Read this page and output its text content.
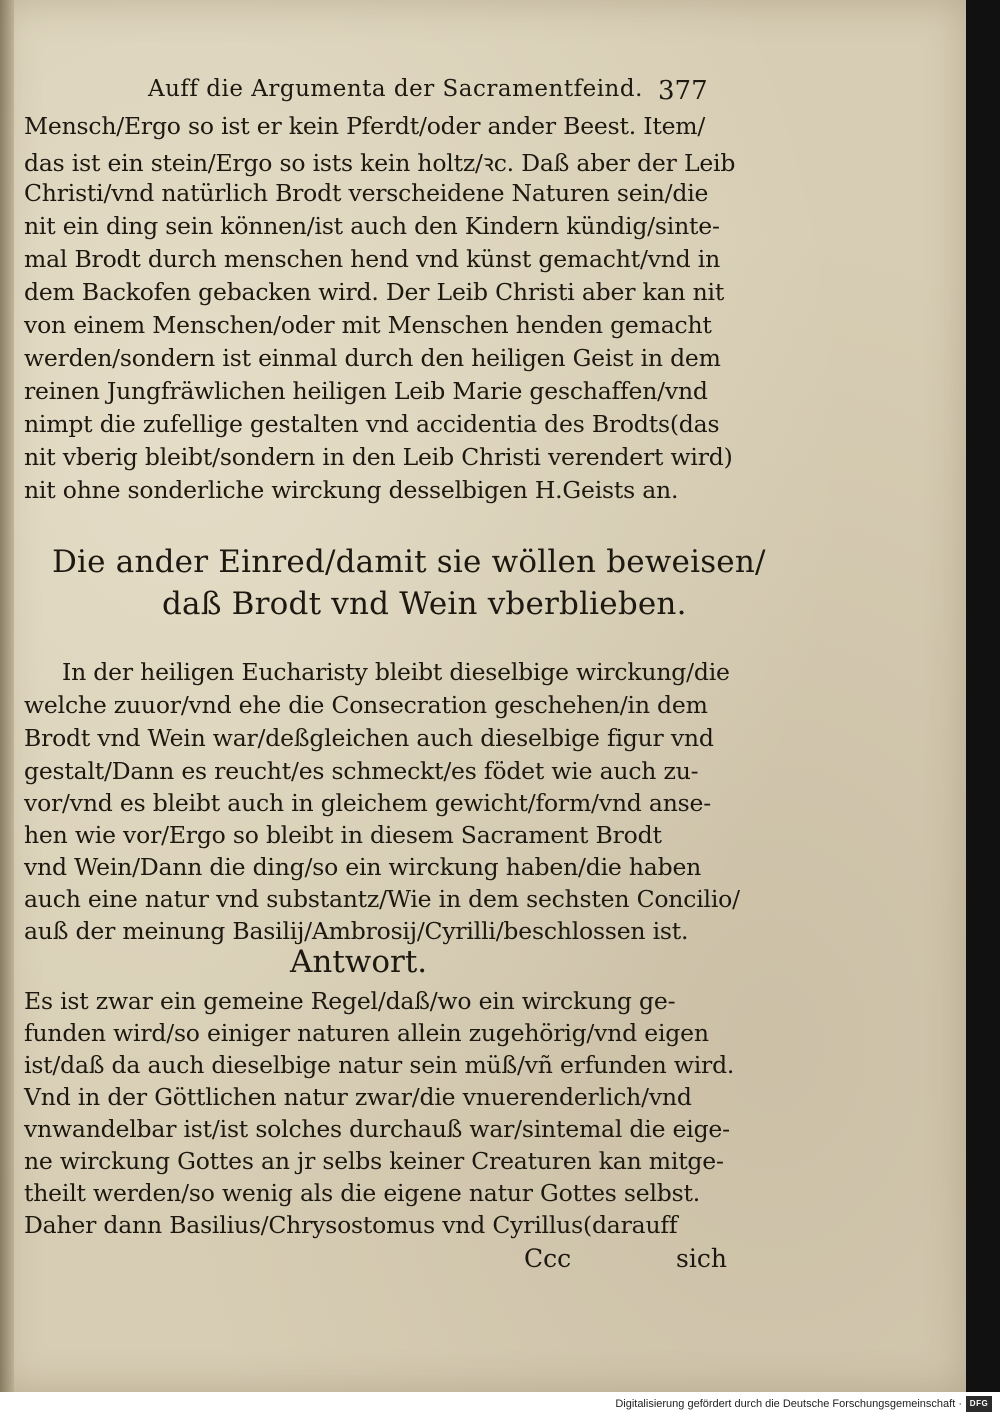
Auff die Argumenta der Sacramentfeind. 377
Mensch/Ergo so ist er kein Pferdt/oder ander Beest. Item/
das ist ein stein/Ergo so ists kein holtz/ꝛc. Daß aber der Leib
Christi/vnd natürlich Brodt verscheidene Naturen sein/die
nit ein ding sein können/ist auch den Kindern kündig/sinte-
mal Brodt durch menschen hend vnd künst gemacht/vnd in
dem Backofen gebacken wird. Der Leib Christi aber kan nit
von einem Menschen/oder mit Menschen henden gemacht
werden/sondern ist einmal durch den heiligen Geist in dem
reinen Jungfräwlichen heiligen Leib Marie geschaffen/vnd
nimpt die zufellige gestalten vnd accidentia des Brodts(das
nit vberig bleibt/sondern in den Leib Christi verendert wird)
nit ohne sonderliche wirckung desselbigen H.Geists an.
Die ander Einred/damit sie wöllen beweisen/
daß Brodt vnd Wein vberblieben.
In der heiligen Eucharisty bleibt dieselbige wirckung/die
welche zuuor/vnd ehe die Consecration geschehen/in dem
Brodt vnd Wein war/deßgleichen auch dieselbige figur vnd
gestalt/Dann es reucht/es schmeckt/es födet wie auch zu-
vor/vnd es bleibt auch in gleichem gewicht/form/vnd anse-
hen wie vor/Ergo so bleibt in diesem Sacrament Brodt
vnd Wein/Dann die ding/so ein wirckung haben/die haben
auch eine natur vnd substantz/Wie in dem sechsten Concilio/
auß der meinung Basilij/Ambrosij/Cyrilli/beschlossen ist.
Antwort.
Es ist zwar ein gemeine Regel/daß/wo ein wirckung ge-
funden wird/so einiger naturen allein zugehörig/vnd eigen
ist/daß da auch dieselbige natur sein müß/vñ erfunden wird.
Vnd in der Göttlichen natur zwar/die vnuerenderlich/vnd
vnwandelbar ist/ist solches durchauß war/sintemal die eige-
ne wirckung Gottes an jr selbs keiner Creaturen kan mitge-
theilt werden/so wenig als die eigene natur Gottes selbst.
Daher dann Basilius/Chrysostomus vnd Cyrillus(darauff
Ccc	sich
Digitalisierung gefördert durch die Deutsche Forschungsgemeinschaft · DFG
